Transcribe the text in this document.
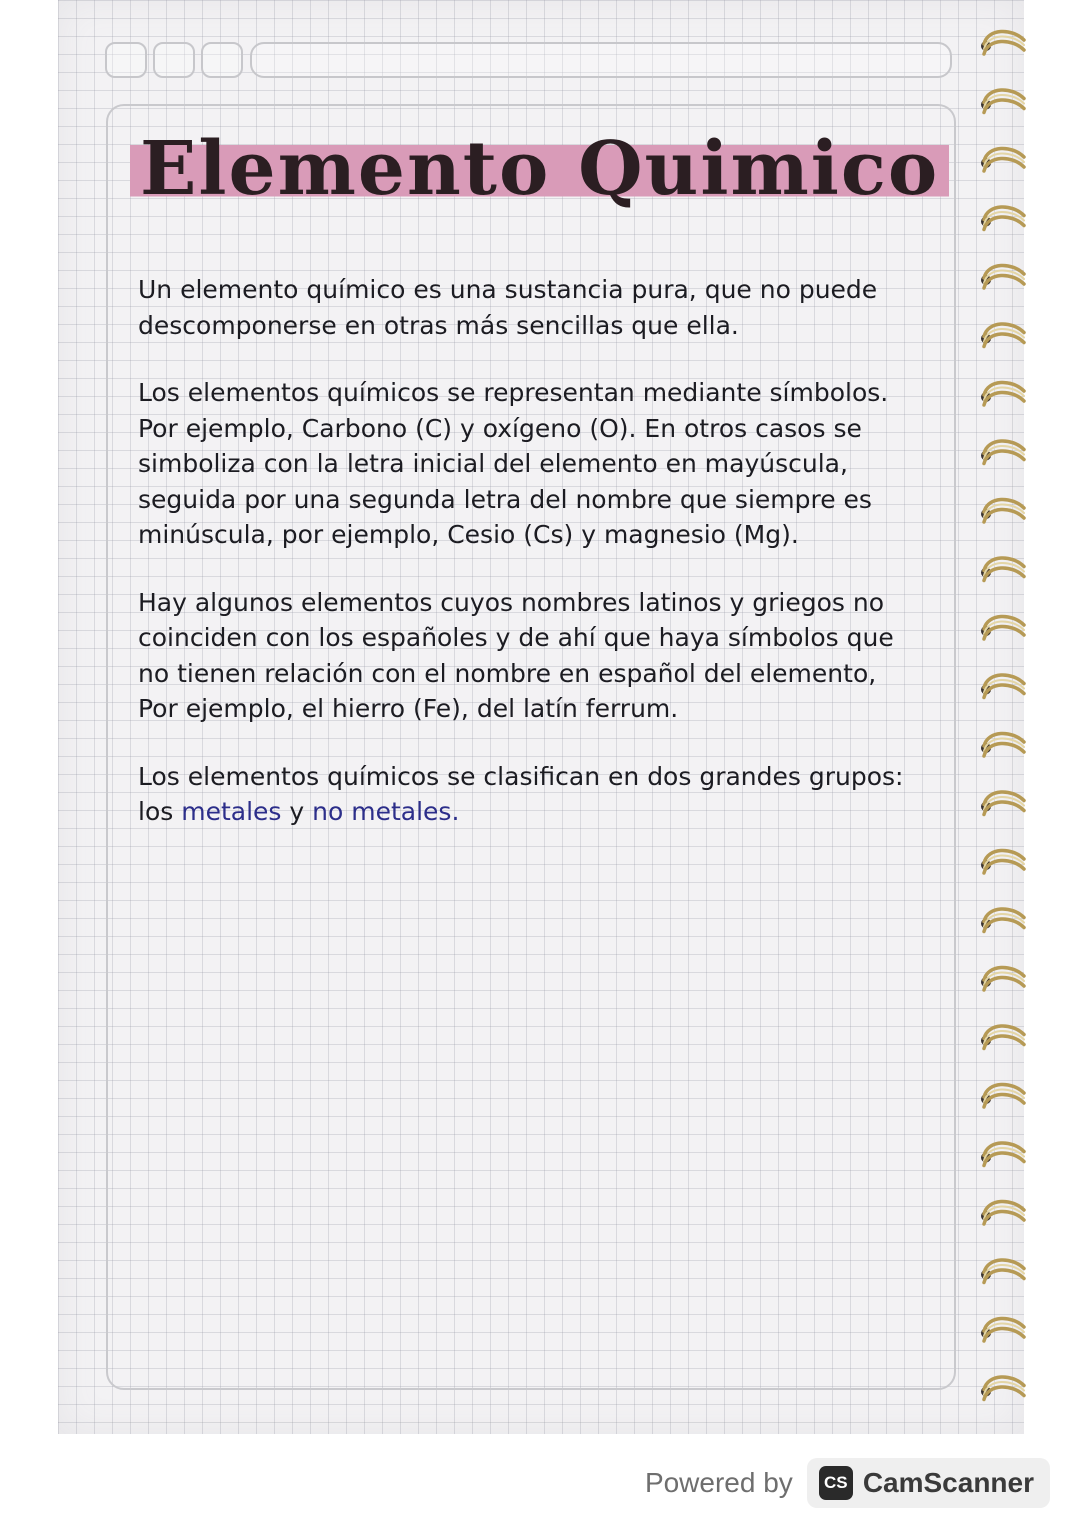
Elemento Quimico

Un elemento químico es una sustancia pura, que no puede descomponerse en otras más sencillas que ella.

Los elementos químicos se representan mediante símbolos. Por ejemplo, Carbono (C) y oxígeno (O). En otros casos se simboliza con la letra inicial del elemento en mayúscula, seguida por una segunda letra del nombre que siempre es minúscula, por ejemplo, Cesio (Cs) y magnesio (Mg).

Hay algunos elementos cuyos nombres latinos y griegos no coinciden con los españoles y de ahí que haya símbolos que no tienen relación con el nombre en español del elemento, Por ejemplo, el hierro (Fe), del latín ferrum.

Los elementos químicos se clasifican en dos grandes grupos: los metales y no metales.

Powered by	CS CamScanner
